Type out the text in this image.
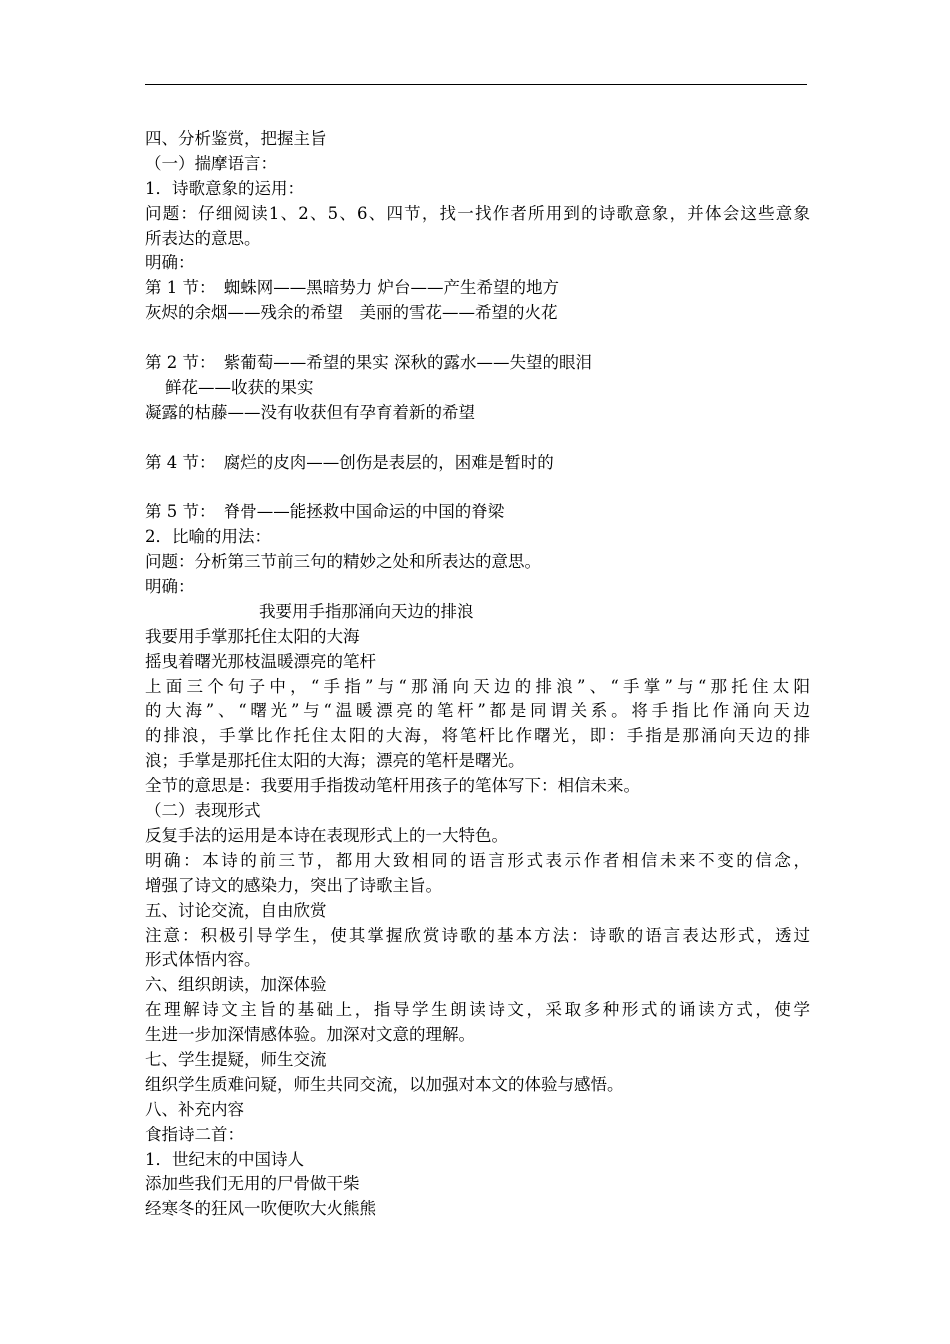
四、分析鉴赏，把握主旨
（一）揣摩语言：
1．诗歌意象的运用：
问题：仔细阅读1、2、5、6、四节，找一找作者所用到的诗歌意象，并体会这些意象
所表达的意思。
明确：
第 1 节：　蜘蛛网——黑暗势力 炉台——产生希望的地方
灰烬的余烟——残余的希望　美丽的雪花——希望的火花
第 2 节：　紫葡萄——希望的果实 深秋的露水——失望的眼泪
鲜花——收获的果实
凝露的枯藤——没有收获但有孕育着新的希望
第 4 节：　腐烂的皮肉——创伤是表层的，困难是暂时的
第 5 节：　脊骨——能拯救中国命运的中国的脊梁
2．比喻的用法：
问题：分析第三节前三句的精妙之处和所表达的意思。
明确：
我要用手指那涌向天边的排浪
我要用手掌那托住太阳的大海
摇曳着曙光那枝温暖漂亮的笔杆
上面三个句子中，“手指”与“那涌向天边的排浪”、“手掌”与“那托住太阳
的大海”、“曙光”与“温暖漂亮的笔杆”都是同谓关系。将手指比作涌向天边
的排浪，手掌比作托住太阳的大海，将笔杆比作曙光，即：手指是那涌向天边的排
浪；手掌是那托住太阳的大海；漂亮的笔杆是曙光。
全节的意思是：我要用手指拨动笔杆用孩子的笔体写下：相信未来。
（二）表现形式
反复手法的运用是本诗在表现形式上的一大特色。
明确：本诗的前三节，都用大致相同的语言形式表示作者相信未来不变的信念，
增强了诗文的感染力，突出了诗歌主旨。
五、讨论交流，自由欣赏
注意：积极引导学生，使其掌握欣赏诗歌的基本方法：诗歌的语言表达形式，透过
形式体悟内容。
六、组织朗读，加深体验
在理解诗文主旨的基础上，指导学生朗读诗文，采取多种形式的诵读方式，使学
生进一步加深情感体验。加深对文意的理解。
七、学生提疑，师生交流
组织学生质难问疑，师生共同交流，以加强对本文的体验与感悟。
八、补充内容
食指诗二首：
1．世纪末的中国诗人
添加些我们无用的尸骨做干柴
经寒冬的狂风一吹便吹大火熊熊
